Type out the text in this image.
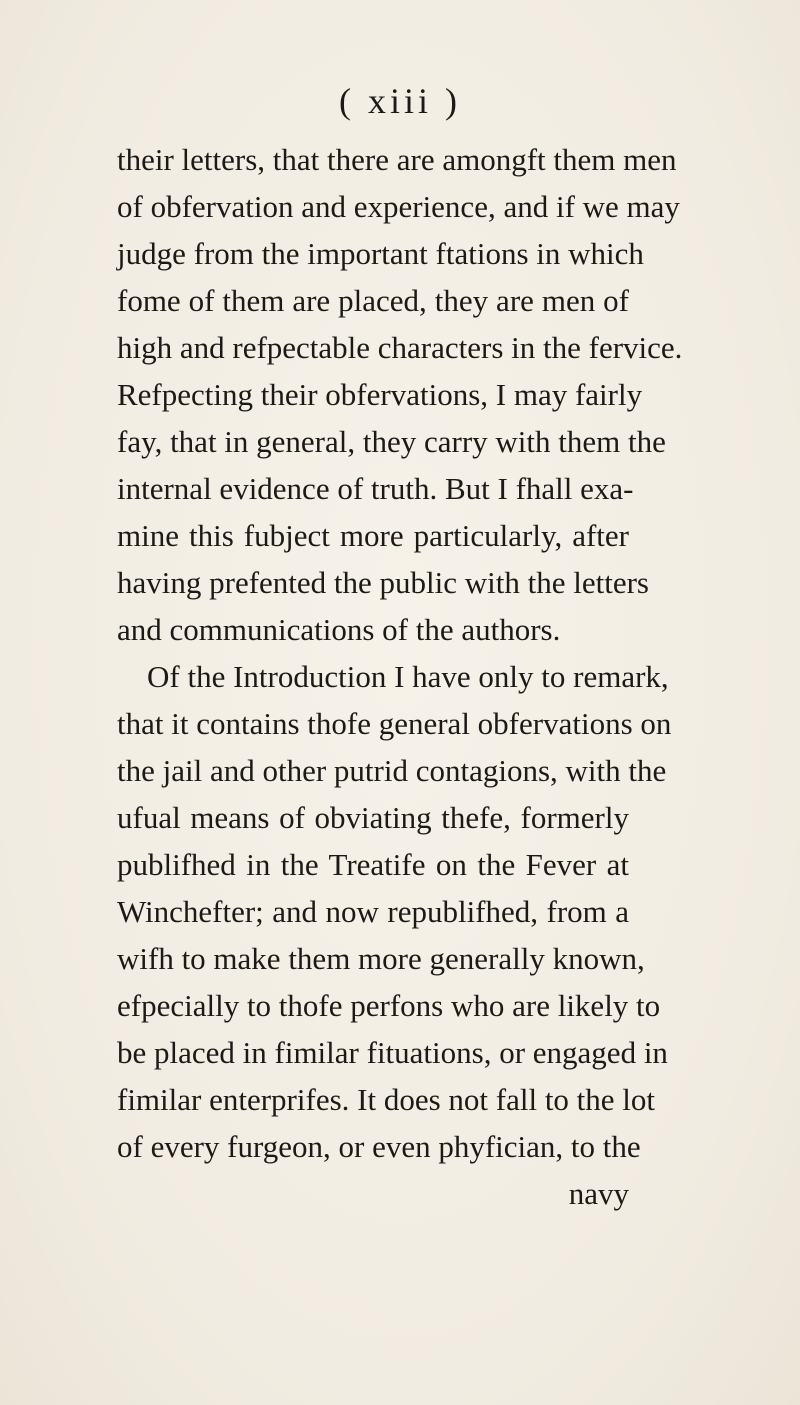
( xiii )
their letters, that there are amongft them men
of obfervation and experience, and if we may
judge from the important ftations in which
fome of them are placed, they are men of
high and refpectable characters in the fervice.
Refpecting their obfervations, I may fairly
fay, that in general, they carry with them the
internal evidence of truth. But I fhall exa-
mine this fubject more particularly, after
having prefented the public with the letters
and communications of the authors.
Of the Introduction I have only to remark,
that it contains thofe general obfervations on
the jail and other putrid contagions, with the
ufual means of obviating thefe, formerly
publifhed in the Treatife on the Fever at
Winchefter; and now republifhed, from a
wifh to make them more generally known,
efpecially to thofe perfons who are likely to
be placed in fimilar fituations, or engaged in
fimilar enterprifes. It does not fall to the lot
of every furgeon, or even phyfician, to the
navy
